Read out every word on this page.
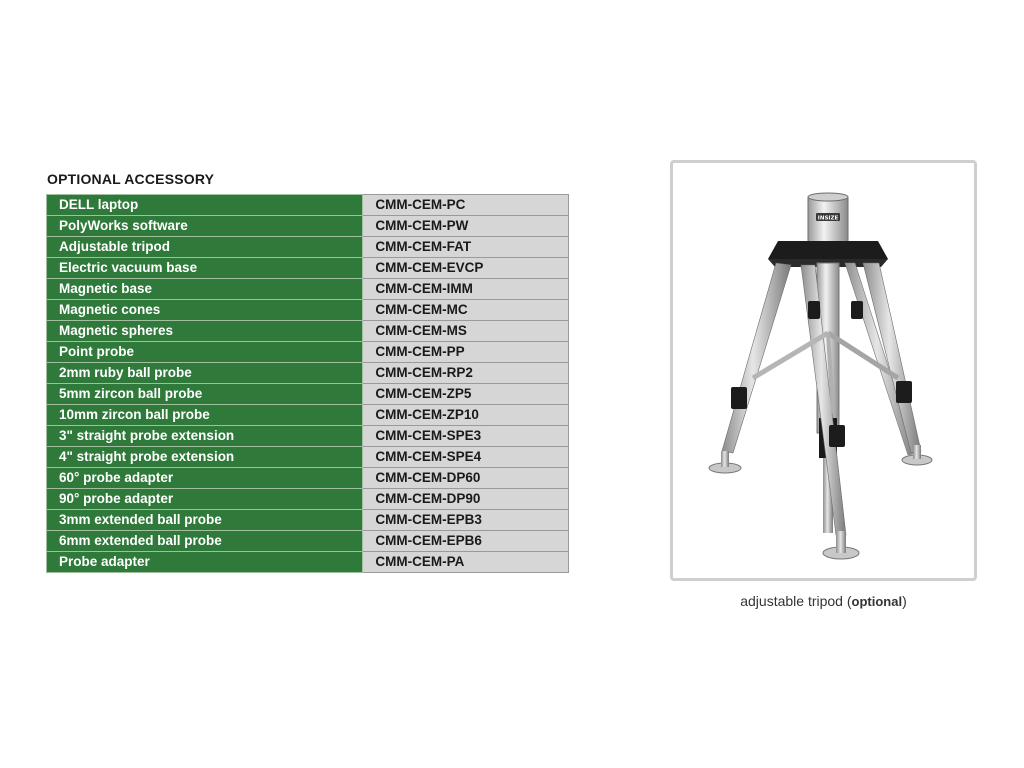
OPTIONAL ACCESSORY
DELL laptop	CMM-CEM-PC
PolyWorks software	CMM-CEM-PW
Adjustable tripod	CMM-CEM-FAT
Electric vacuum base	CMM-CEM-EVCP
Magnetic base	CMM-CEM-IMM
Magnetic cones	CMM-CEM-MC
Magnetic spheres	CMM-CEM-MS
Point probe	CMM-CEM-PP
2mm ruby ball probe	CMM-CEM-RP2
5mm zircon ball probe	CMM-CEM-ZP5
10mm zircon ball probe	CMM-CEM-ZP10
3" straight probe extension	CMM-CEM-SPE3
4" straight probe extension	CMM-CEM-SPE4
60° probe adapter	CMM-CEM-DP60
90° probe adapter	CMM-CEM-DP90
3mm extended ball probe	CMM-CEM-EPB3
6mm extended ball probe	CMM-CEM-EPB6
Probe adapter	CMM-CEM-PA
INSIZE
adjustable tripod (optional)
